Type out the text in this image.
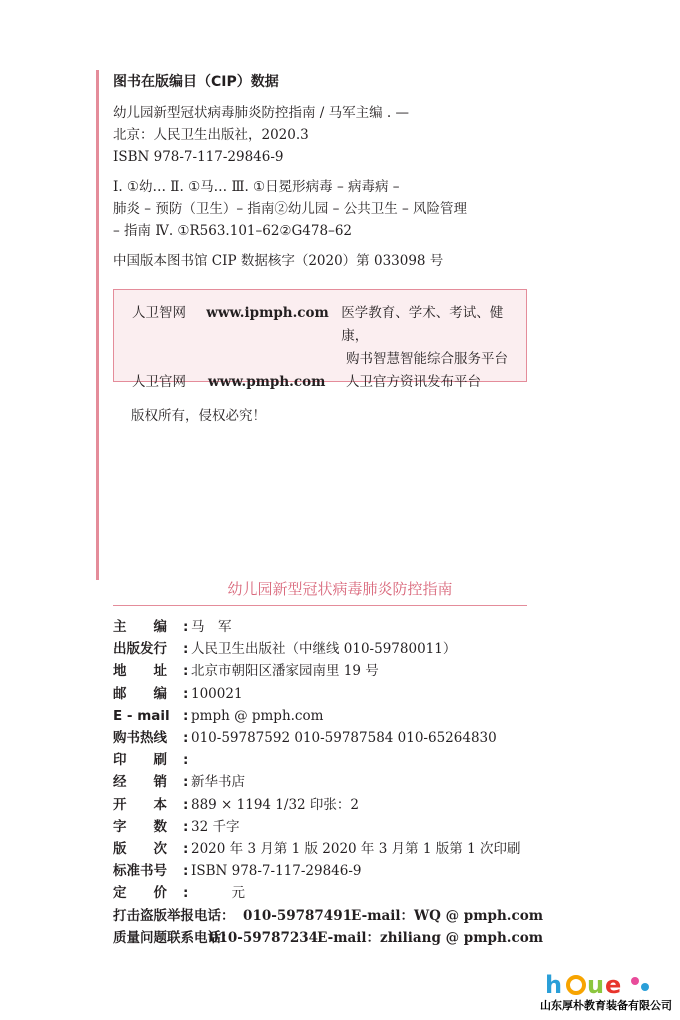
图书在版编目（CIP）数据
幼儿园新型冠状病毒肺炎防控指南 / 马军主编 . —
北京：人民卫生出版社，2020.3
ISBN 978-7-117-29846-9
Ⅰ. ①幼… Ⅱ. ①马… Ⅲ. ①日冕形病毒 – 病毒病 –
肺炎 – 预防（卫生）– 指南②幼儿园 – 公共卫生 – 风险管理
– 指南 Ⅳ. ①R563.101–62②G478–62
中国版本图书馆 CIP 数据核字（2020）第 033098 号
人卫智网	www.ipmph.com 医学教育、学术、考试、健康，
购书智慧智能综合服务平台
人卫官网	www.pmph.com	人卫官方资讯发布平台
版权所有，侵权必究！
幼儿园新型冠状病毒肺炎防控指南
主　　编	: 马　军
出版发行	: 人民卫生出版社（中继线 010-59780011）
地　　址	: 北京市朝阳区潘家园南里 19 号
邮　　编	: 100021
E - mail : pmph @ pmph.com
购书热线	: 010-59787592 010-59787584 010-65264830
印　　刷	:
经　　销	: 新华书店
开　　本	: 889 × 1194 1/32 印张：2
字　　数	: 32 千字
版　　次	: 2020 年 3 月第 1 版 2020 年 3 月第 1 版第 1 次印刷
标准书号	: ISBN 978-7-117-29846-9
定　　价	: 　　　元
打击盗版举报电话： 010-59787491 E-mail：WQ @ pmph.com
质量问题联系电话：
010-59787234 E-mail：zhiliang @ pmph.com
h u e
山东厚朴教育装备有限公司
